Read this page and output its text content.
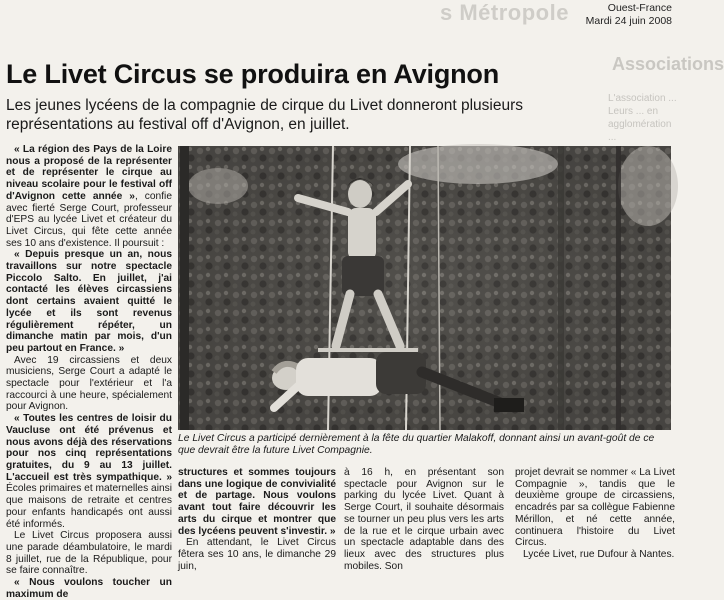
s Métropole
Associations
L'association ... Leurs ... en agglomération ...
Ouest-France
Mardi 24 juin 2008
Le Livet Circus se produira en Avignon
Les jeunes lycéens de la compagnie de cirque du Livet donneront plusieurs représentations au festival off d'Avignon, en juillet.

« La région des Pays de la Loire nous a proposé de la représenter et de représenter le cirque au niveau scolaire pour le festival off d'Avignon cette année », confie avec fierté Serge Court, professeur d'EPS au lycée Livet et créateur du Livet Circus, qui fête cette année ses 10 ans d'existence. Il poursuit :

« Depuis presque un an, nous travaillons sur notre spectacle Piccolo Salto. En juillet, j'ai contacté les élèves circassiens dont certains avaient quitté le lycée et ils sont revenus régulièrement répéter, un dimanche matin par mois, d'un peu partout en France. »

Avec 19 circassiens et deux musiciens, Serge Court a adapté le spectacle pour l'extérieur et l'a raccourci à une heure, spécialement pour Avignon.

« Toutes les centres de loisir du Vaucluse ont été prévenus et nous avons déjà des réservations pour nos cinq représentations gratuites, du 9 au 13 juillet. L'accueil est très sympathique. » Écoles primaires et maternelles ainsi que maisons de retraite et centres pour enfants handicapés ont aussi été informés.

Le Livet Circus proposera aussi une parade déambulatoire, le mardi 8 juillet, rue de la République, pour se faire connaître.

« Nous voulons toucher un maximum de

Le Livet Circus a participé dernièrement à la fête du quartier Malakoff, donnant ainsi un avant-goût de ce que devrait être la future Livet Compagnie.

structures et sommes toujours dans une logique de convivialité et de partage. Nous voulons avant tout faire découvrir les arts du cirque et montrer que des lycéens peuvent s'investir. »

En attendant, le Livet Circus fêtera ses 10 ans, le dimanche 29 juin,

à 16 h, en présentant son spectacle pour Avignon sur le parking du lycée Livet. Quant à Serge Court, il souhaite désormais se tourner un peu plus vers les arts de la rue et le cirque urbain avec un spectacle adaptable dans des lieux avec des structures plus mobiles. Son

projet devrait se nommer « La Livet Compagnie », tandis que le deuxième groupe de circassiens, encadrés par sa collègue Fabienne Mérillon, et né cette année, continuera l'histoire du Livet Circus.

Lycée Livet, rue Dufour à Nantes.
